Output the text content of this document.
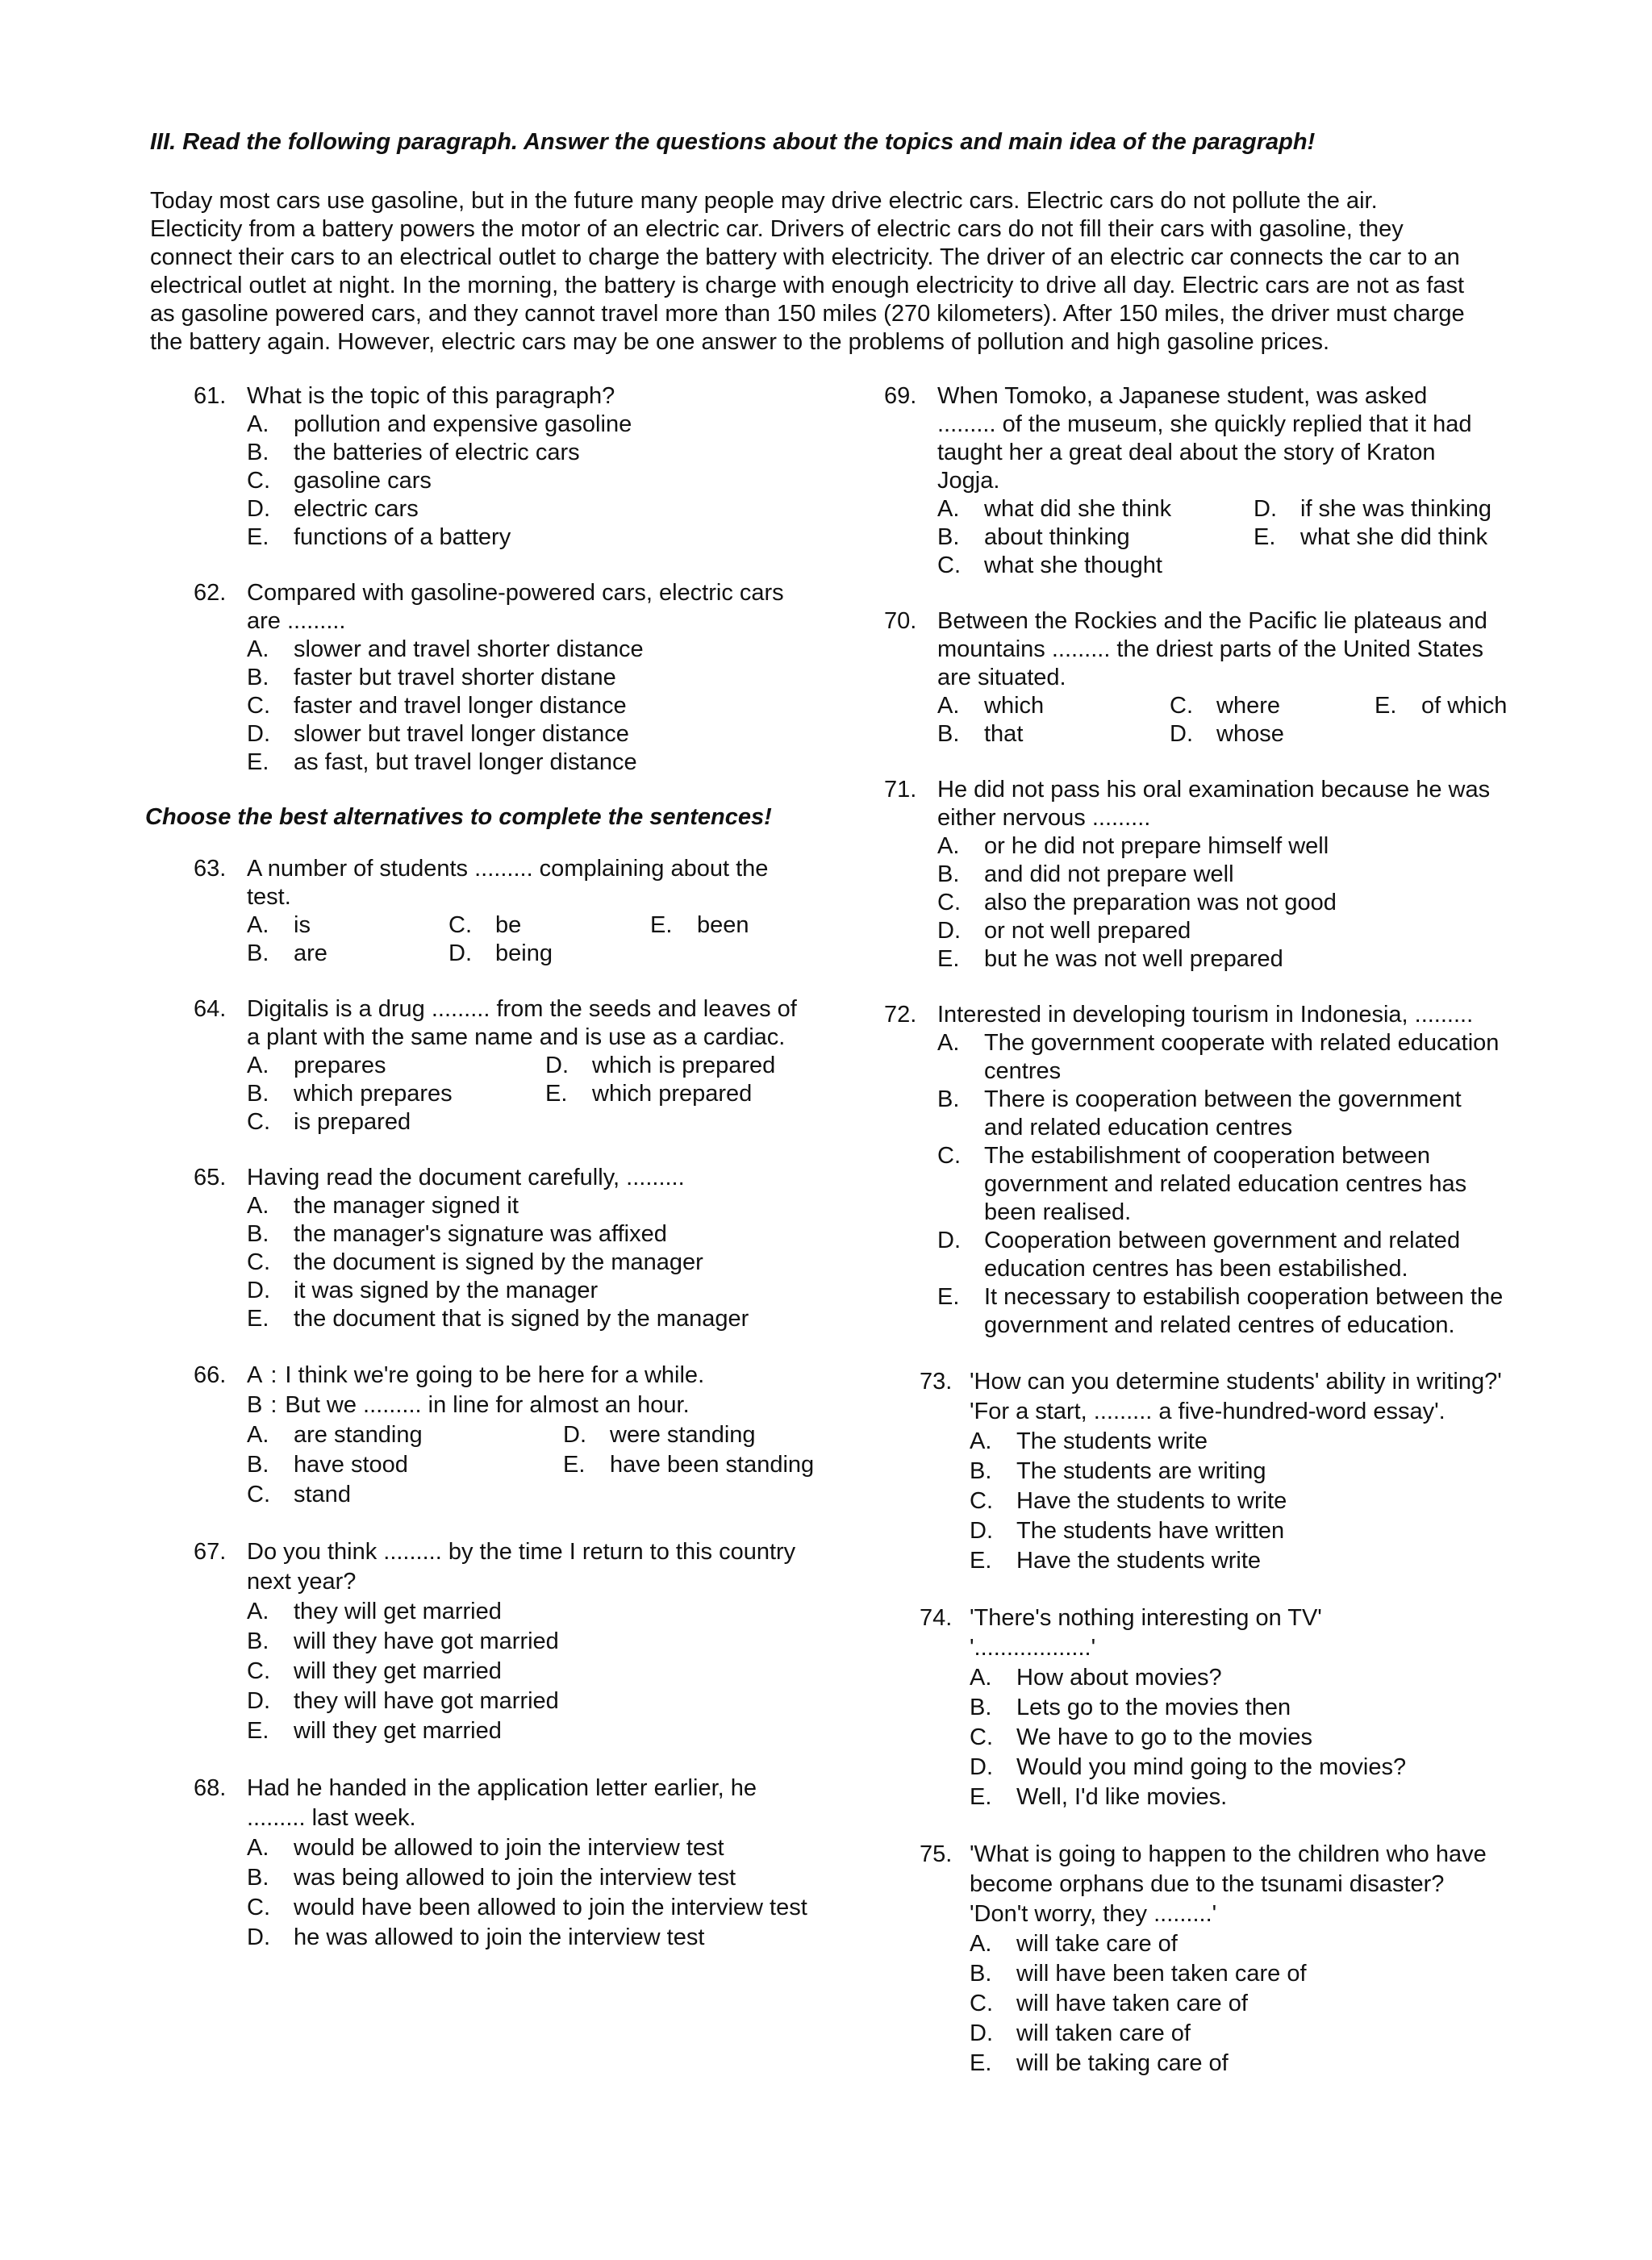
III. Read the following paragraph. Answer the questions about the topics and main idea of the paragraph!

Today most cars use gasoline, but in the future many people may drive electric cars. Electric cars do not pollute the air.
Electicity from a battery powers the motor of an electric car. Drivers of electric cars do not fill their cars with gasoline, they
connect their cars to an electrical outlet to charge the battery with electricity. The driver of an electric car connects the car to an
electrical outlet at night. In the morning, the battery is charge with enough electricity to drive all day. Electric cars are not as fast
as gasoline powered cars, and they cannot travel more than 150 miles (270 kilometers). After 150 miles, the driver must charge
the battery again. However, electric cars may be one answer to the problems of pollution and high gasoline prices.

61. What is the topic of this paragraph?
A. pollution and expensive gasoline
B. the batteries of electric cars
C. gasoline cars
D. electric cars
E. functions of a battery
62. Compared with gasoline-powered cars, electric cars
are .........
A. slower and travel shorter distance
B. faster but travel shorter distane
C. faster and travel longer distance
D. slower but travel longer distance
E. as fast, but travel longer distance
Choose the best alternatives to complete the sentences!
63. A number of students ......... complaining about the
test.
A. is	C. be	E. been
B. are	D. being
64. Digitalis is a drug ......... from the seeds and leaves of
a plant with the same name and is use as a cardiac.
A. prepares	D. which is prepared
B. which prepares	E. which prepared
C. is prepared
65. Having read the document carefully, .........
A. the manager signed it
B. the manager's signature was affixed
C. the document is signed by the manager
D. it was signed by the manager
E. the document that is signed by the manager
66. A : I think we're going to be here for a while.
B : But we ......... in line for almost an hour.
A. are standing	D. were standing
B. have stood	E. have been standing
C. stand
67. Do you think ......... by the time I return to this country
next year?
A. they will get married
B. will they have got married
C. will they get married
D. they will have got married
E. will they get married
68. Had he handed in the application letter earlier, he
......... last week.
A. would be allowed to join the interview test
B. was being allowed to join the interview test
C. would have been allowed to join the interview test
D. he was allowed to join the interview test
69. When Tomoko, a Japanese student, was asked
......... of the museum, she quickly replied that it had
taught her a great deal about the story of Kraton
Jogja.
A. what did she think	D. if she was thinking
B. about thinking	E. what she did think
C. what she thought
70. Between the Rockies and the Pacific lie plateaus and
mountains ......... the driest parts of the United States
are situated.
A. which	C. where	E. of which
B. that	D. whose
71. He did not pass his oral examination because he was
either nervous .........
A. or he did not prepare himself well
B. and did not prepare well
C. also the preparation was not good
D. or not well prepared
E. but he was not well prepared
72. Interested in developing tourism in Indonesia, .........
A.	The government cooperate with related education
centres
B.	There is cooperation between the government
and related education centres
C.	The estabilishment of cooperation between
government and related education centres has
been realised.
D.	Cooperation between government and related
education centres has been estabilished.
E.	It necessary to estabilish cooperation between the
government and related centres of education.
73. 'How can you determine students' ability in writing?'
'For a start, ......... a five-hundred-word essay'.
A. The students write
B. The students are writing
C. Have the students to write
D. The students have written
E. Have the students write
74. 'There's nothing interesting on TV'
'..................'
A. How about movies?
B. Lets go to the movies then
C. We have to go to the movies
D. Would you mind going to the movies?
E. Well, I'd like movies.
75. 'What is going to happen to the children who have
become orphans due to the tsunami disaster?
'Don't worry, they .........'
A. will take care of
B. will have been taken care of
C. will have taken care of
D. will taken care of
E. will be taking care of
